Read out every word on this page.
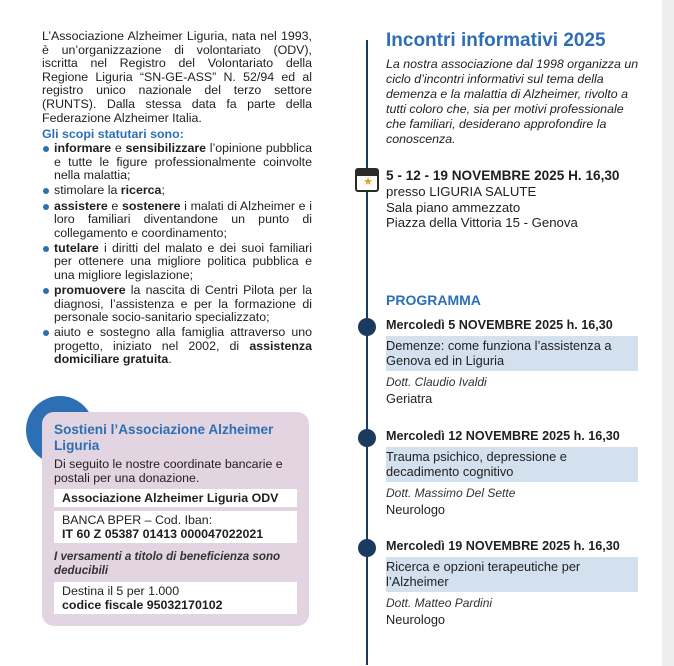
L’Associazione Alzheimer Liguria, nata nel 1993, è un’organizzazione di volontariato (ODV), iscritta nel Registro del Volontariato della Regione Liguria “SN-GE-ASS” N. 52/94 ed al registro unico nazionale del terzo settore (RUNTS). Dalla stessa data fa parte della Federazione Alzheimer Italia.

Gli scopi statutari sono:
informare e sensibilizzare l’opinione pubblica e tutte le figure professionalmente coinvolte nella malattia;
stimolare la ricerca;
assistere e sostenere i malati di Alzheimer e i loro familiari diventandone un punto di collegamento e coordinamento;
tutelare i diritti del malato e dei suoi familiari per ottenere una migliore politica pubblica e una migliore legislazione;
promuovere la nascita di Centri Pilota per la diagnosi, l’assistenza e per la formazione di personale socio-sanitario specializzato;
aiuto e sostegno alla famiglia attraverso uno progetto, iniziato nel 2002, di assistenza domiciliare gratuita.
Sostieni l’Associazione Alzheimer Liguria
Di seguito le nostre coordinate bancarie e postali per una donazione.
Associazione Alzheimer Liguria ODV
BANCA BPER – Cod. Iban:
IT 60 Z 05387 01413 000047022021
I versamenti a titolo di beneficienza sono deducibili
Destina il 5 per 1.000
codice fiscale 95032170102
Incontri informativi 2025

La nostra associazione dal 1998 organizza un ciclo d’incontri informativi sul tema della demenza e la malattia di Alzheimer, rivolto a tutti coloro che, sia per motivi professionale che familiari, desiderano approfondire la conoscenza.

★ 5 - 12 - 19 NOVEMBRE 2025 H. 16,30
presso LIGURIA SALUTE
Sala piano ammezzato
Piazza della Vittoria 15 - Genova
PROGRAMMA
Mercoledì 5 NOVEMBRE 2025 h. 16,30
Demenze: come funziona l’assistenza a Genova ed in Liguria
Dott. Claudio Ivaldi
Geriatra
Mercoledì 12 NOVEMBRE 2025 h. 16,30
Trauma psichico, depressione e decadimento cognitivo
Dott. Massimo Del Sette
Neurologo
Mercoledì 19 NOVEMBRE 2025 h. 16,30
Ricerca e opzioni terapeutiche per l’Alzheimer
Dott. Matteo Pardini
Neurologo
